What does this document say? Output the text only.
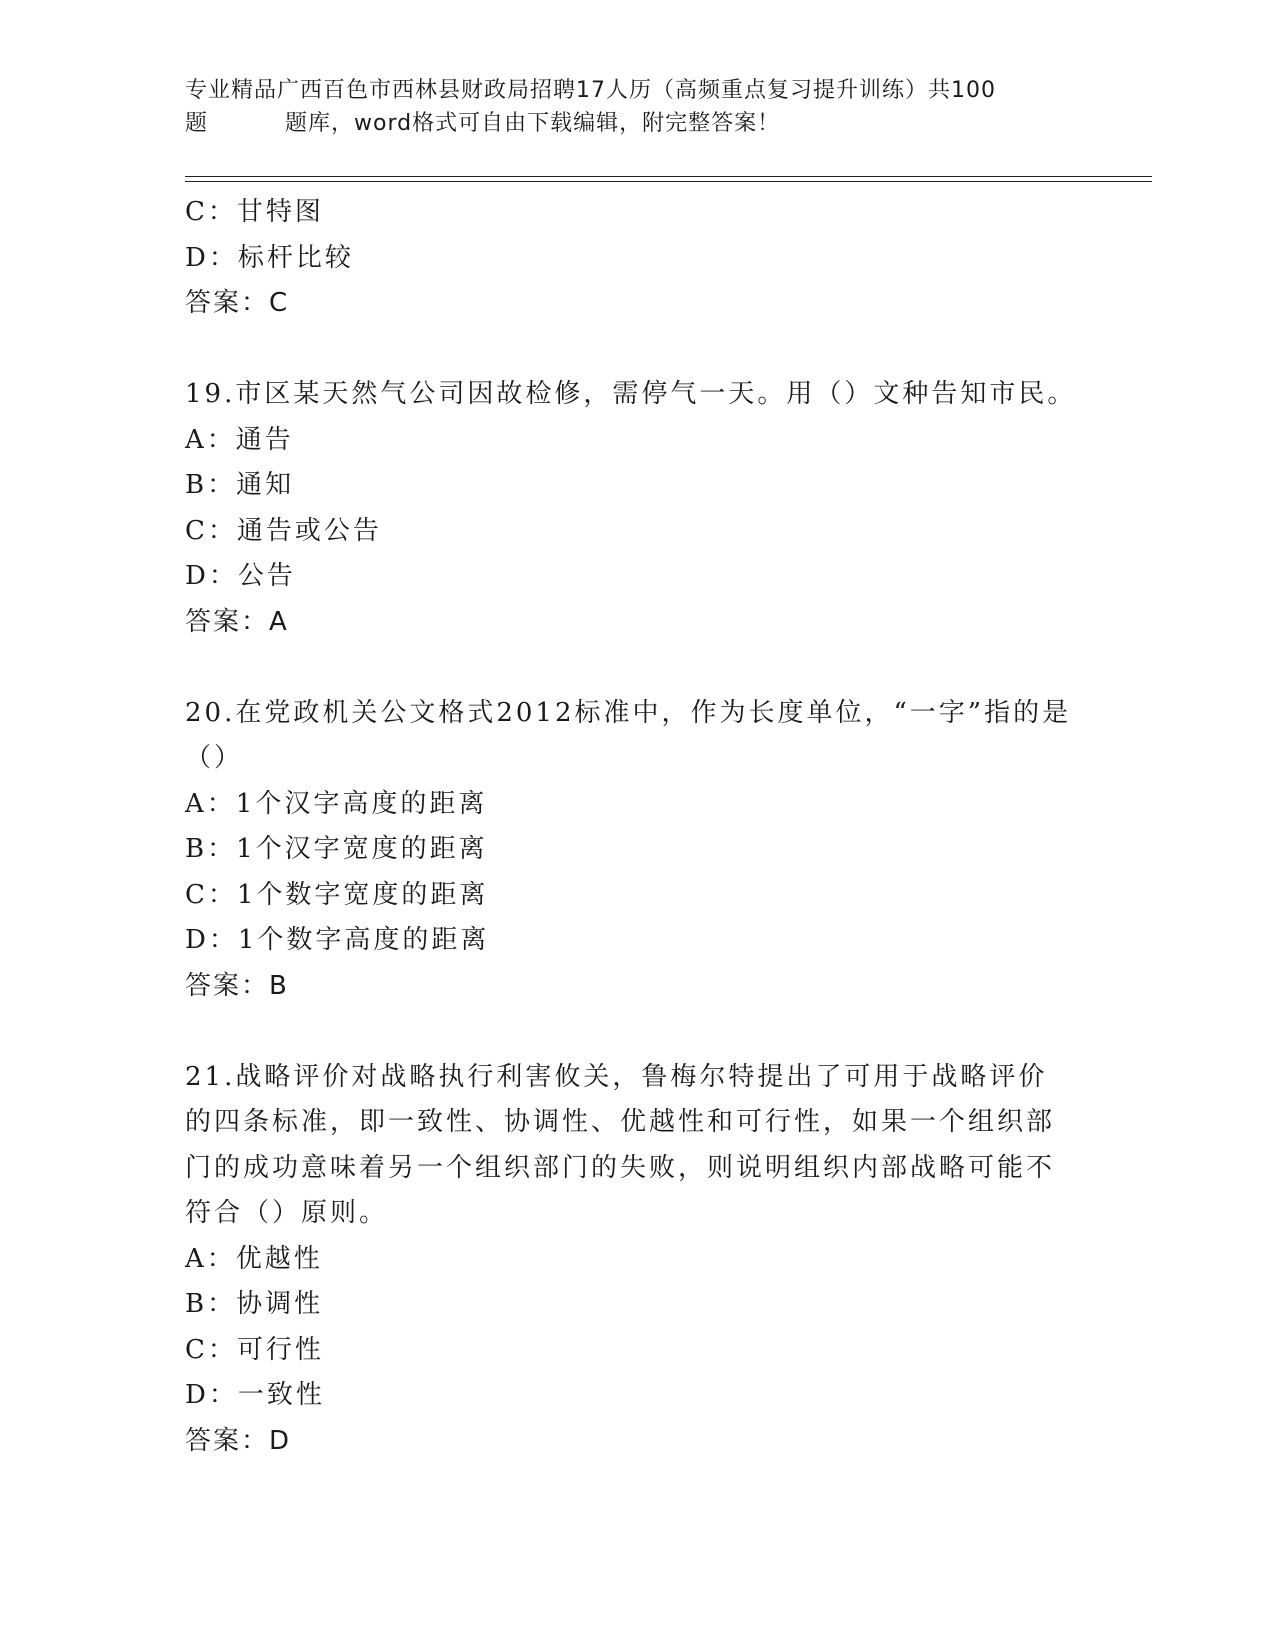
专业精品广西百色市西林县财政局招聘17人历（高频重点复习提升训练）共100
题	题库，word格式可自由下载编辑，附完整答案！
C：甘特图
D：标杆比较
答案：C
19.市区某天然气公司因故检修，需停气一天。用（）文种告知市民。
A：通告
B：通知
C：通告或公告
D：公告
答案：A
20.在党政机关公文格式2012标准中，作为长度单位，“一字”指的是（）
A：1个汉字高度的距离
B：1个汉字宽度的距离
C：1个数字宽度的距离
D：1个数字高度的距离
答案：B
21.战略评价对战略执行利害攸关，鲁梅尔特提出了可用于战略评价的四条标准，即一致性、协调性、优越性和可行性，如果一个组织部门的成功意味着另一个组织部门的失败，则说明组织内部战略可能不符合（）原则。
A：优越性
B：协调性
C：可行性
D：一致性
答案：D
